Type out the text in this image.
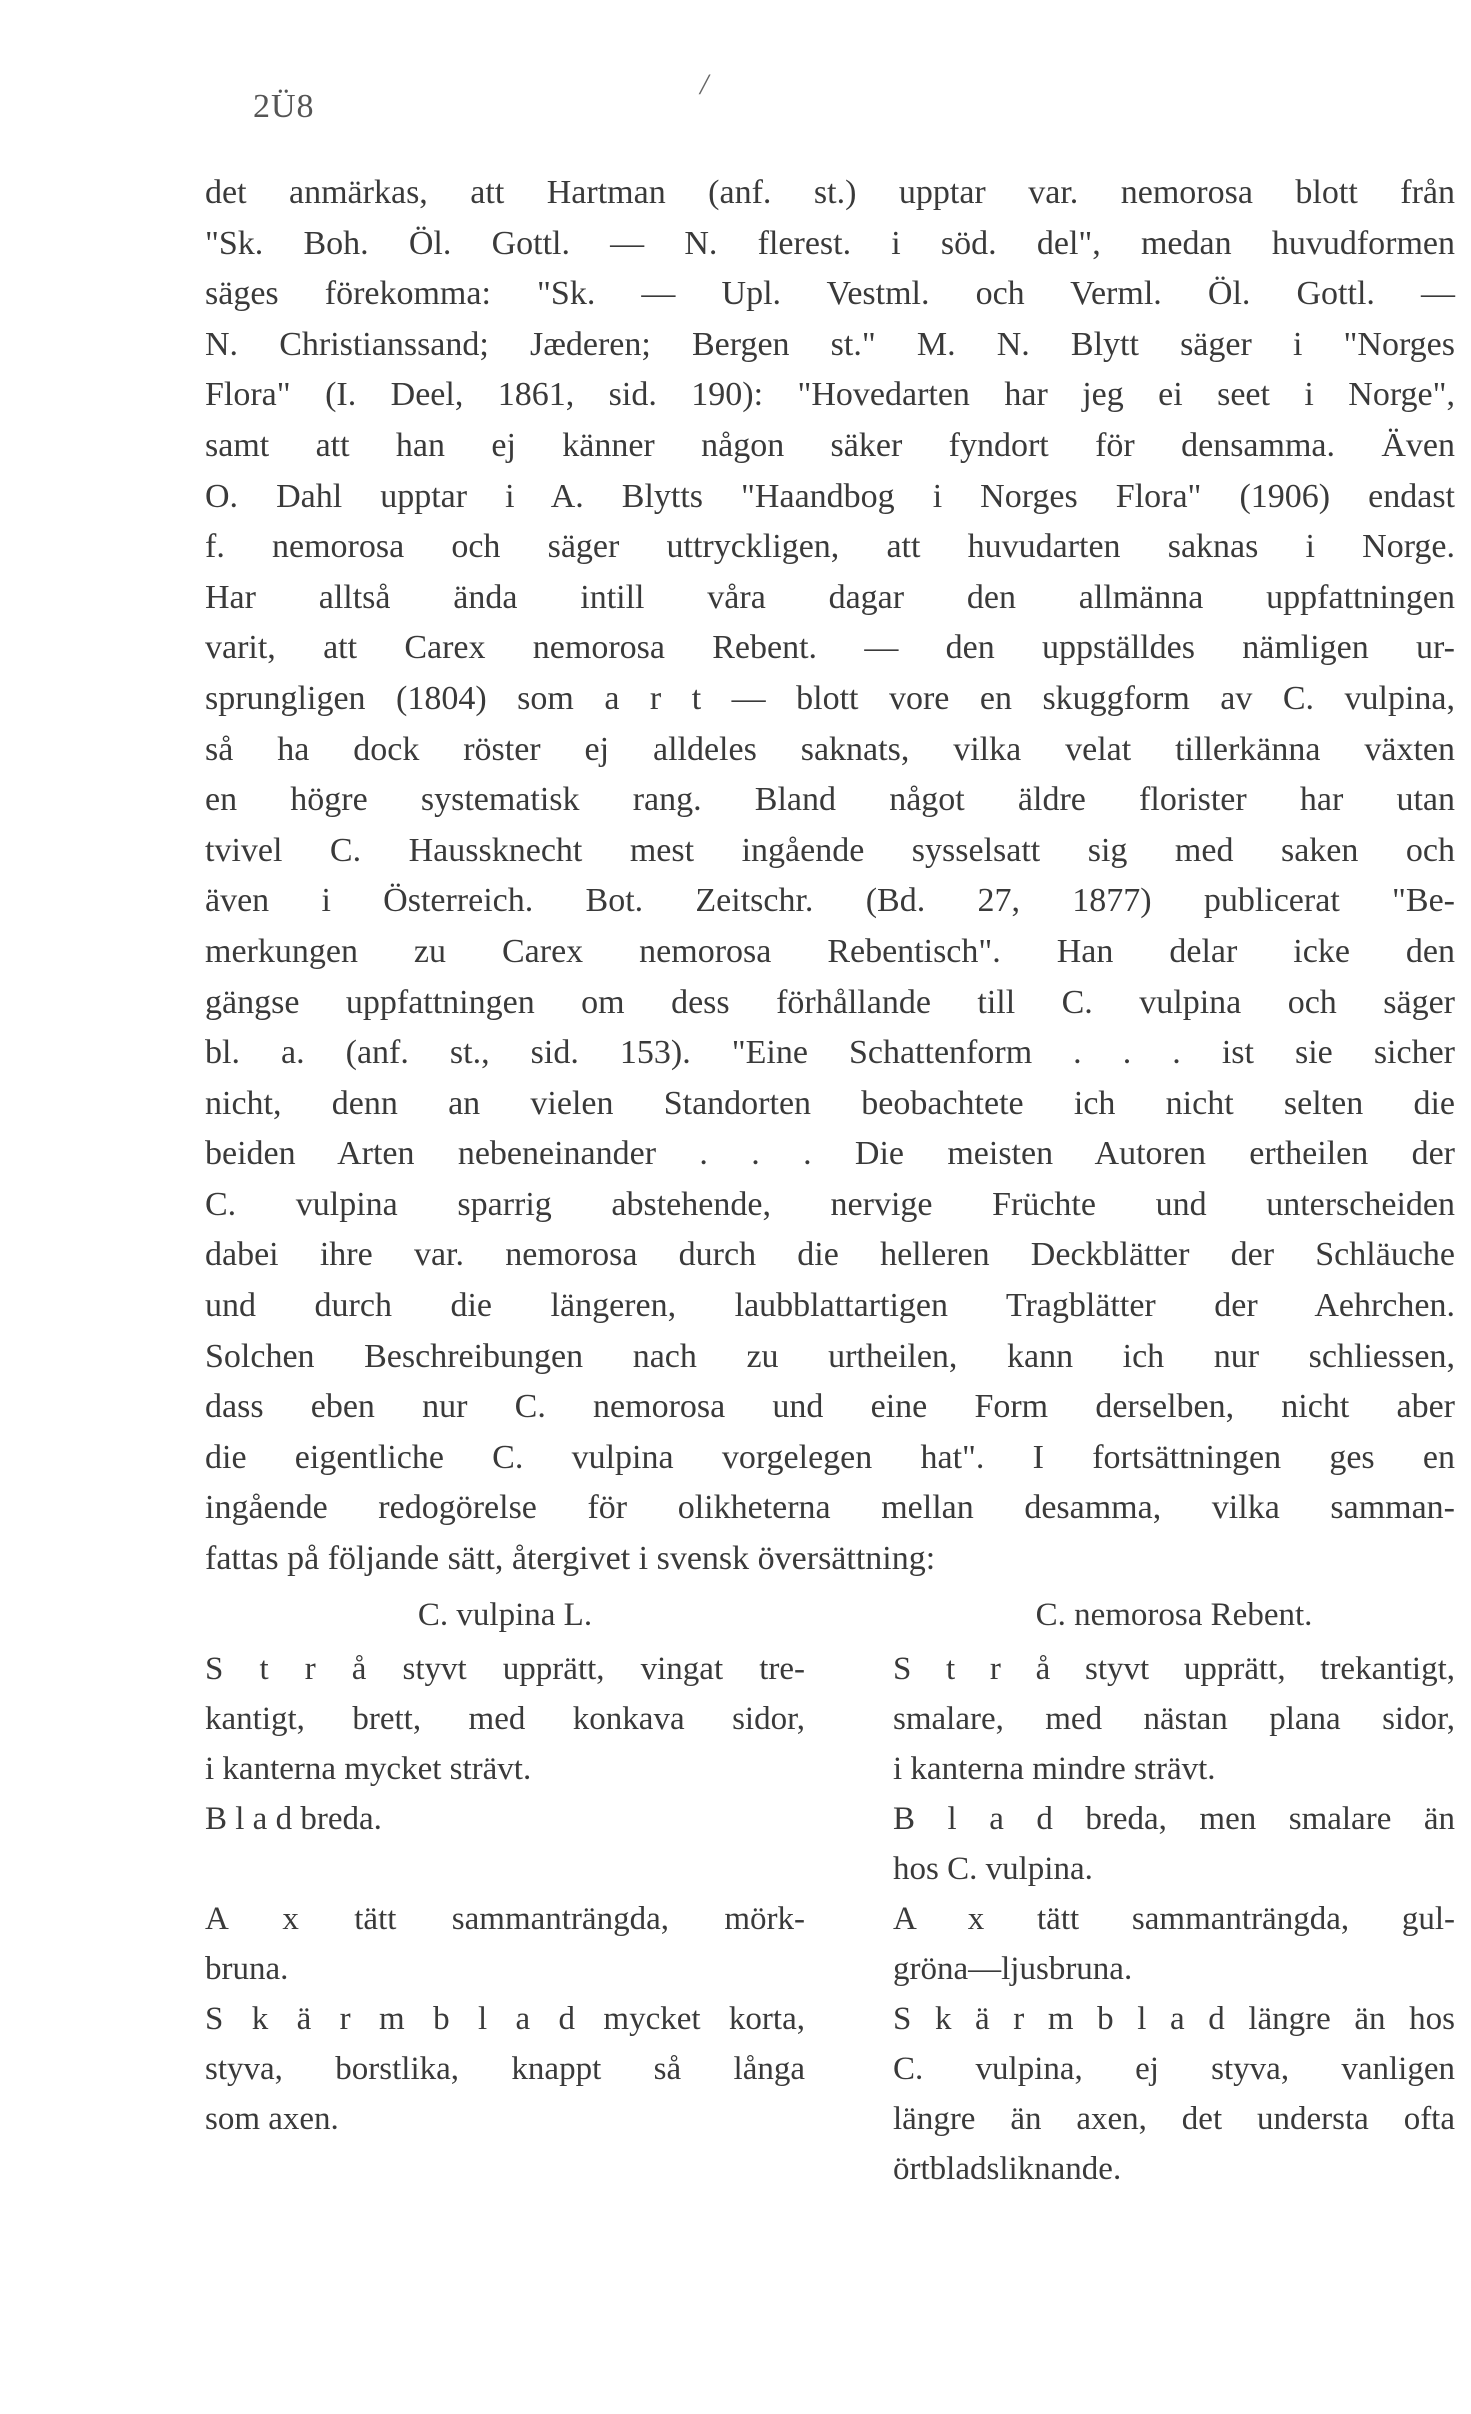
2Ü8
/
det anmärkas, att Hartman (anf. st.) upptar var. nemorosa blott från
"Sk. Boh. Öl. Gottl. — N. flerest. i söd. del", medan huvudformen
säges förekomma: "Sk. — Upl. Vestml. och Verml. Öl. Gottl. —
N. Christianssand; Jæderen; Bergen st." M. N. Blytt säger i "Norges
Flora" (I. Deel, 1861, sid. 190): "Hovedarten har jeg ei seet i Norge",
samt att han ej känner någon säker fyndort för densamma. Även
O. Dahl upptar i A. Blytts "Haandbog i Norges Flora" (1906) endast
f. nemorosa och säger uttryckligen, att huvudarten saknas i Norge.
Har alltså ända intill våra dagar den allmänna uppfattningen
varit, att Carex nemorosa Rebent. — den uppställdes nämligen ur-
sprungligen (1804) som a r t — blott vore en skuggform av C. vulpina,
så ha dock röster ej alldeles saknats, vilka velat tillerkänna växten
en högre systematisk rang. Bland något äldre florister har utan
tvivel C. Haussknecht mest ingående sysselsatt sig med saken och
även i Österreich. Bot. Zeitschr. (Bd. 27, 1877) publicerat "Be-
merkungen zu Carex nemorosa Rebentisch". Han delar icke den
gängse uppfattningen om dess förhållande till C. vulpina och säger
bl. a. (anf. st., sid. 153). "Eine Schattenform . . . ist sie sicher
nicht, denn an vielen Standorten beobachtete ich nicht selten die
beiden Arten nebeneinander . . . Die meisten Autoren ertheilen der
C. vulpina sparrig abstehende, nervige Früchte und unterscheiden
dabei ihre var. nemorosa durch die helleren Deckblätter der Schläuche
und durch die längeren, laubblattartigen Tragblätter der Aehrchen.
Solchen Beschreibungen nach zu urtheilen, kann ich nur schliessen,
dass eben nur C. nemorosa und eine Form derselben, nicht aber
die eigentliche C. vulpina vorgelegen hat". I fortsättningen ges en
ingående redogörelse för olikheterna mellan desamma, vilka samman-
fattas på följande sätt, återgivet i svensk översättning:
C. vulpina L.
S t r å styvt upprätt, vingat tre-
kantigt, brett, med konkava sidor,
i kanterna mycket strävt.
B l a d breda.

A x tätt sammanträngda, mörk-
bruna.
S k ä r m b l a d mycket korta,
styva, borstlika, knappt så långa
som axen.
C. nemorosa Rebent.
S t r å styvt upprätt, trekantigt,
smalare, med nästan plana sidor,
i kanterna mindre strävt.
B l a d breda, men smalare än
hos C. vulpina.
A x tätt sammanträngda, gul-
gröna—ljusbruna.
S k ä r m b l a d längre än hos
C. vulpina, ej styva, vanligen
längre än axen, det understa ofta
örtbladsliknande.
